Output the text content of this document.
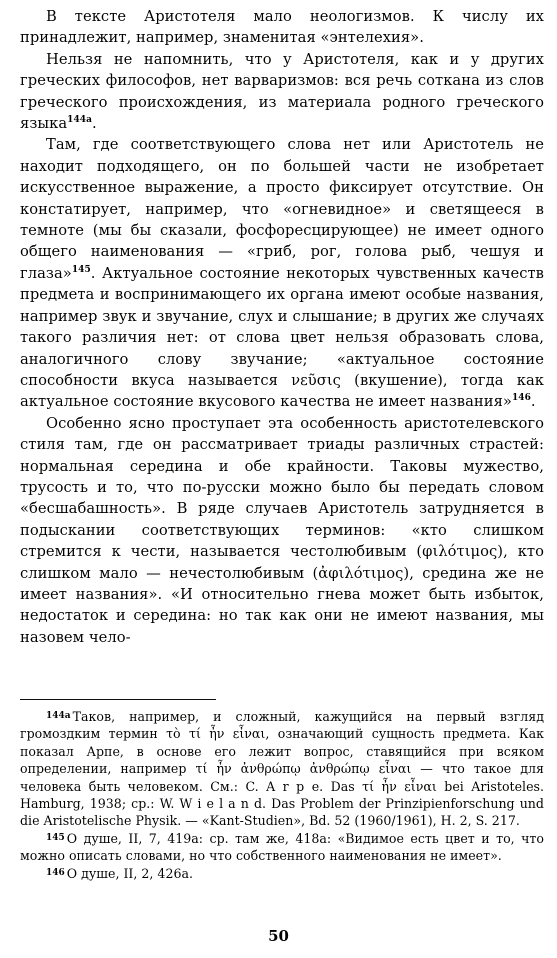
В тексте Аристотеля мало неологизмов. К числу их принадлежит, например, знаменитая «энтелехия».

Нельзя не напомнить, что у Аристотеля, как и у других греческих философов, нет варваризмов: вся речь соткана из слов греческого происхождения, из материала родного греческого языка$^{144а}$.

Там, где соответствующего слова нет или Аристотель не находит подходящего, он по большей части не изобретает искусственное выражение, а просто фиксирует отсутствие. Он констатирует, например, что «огневидное» и светящееся в темноте (мы бы сказали, фосфоресцирующее) не имеет одного общего наименования — «гриб, рог, голова рыб, чешуя и глаза»$^{145}$. Актуальное состояние некоторых чувственных качеств предмета и воспринимающего их органа имеют особые названия, например звук и звучание, слух и слышание; в других же случаях такого различия нет: от слова цвет нельзя образовать слова, аналогичного слову звучание; «актуальное состояние способности вкуса называется νεῦσις (вкушение), тогда как актуальное состояние вкусового качества не имеет названия»$^{146}$.

Особенно ясно проступает эта особенность аристотелевского стиля там, где он рассматривает триады различных страстей: нормальная середина и обе крайности. Таковы мужество, трусость и то, что по-русски можно было бы передать словом «бесшабашность». В ряде случаев Аристотель затрудняется в подыскании соответствующих терминов: «кто слишком стремится к чести, называется честолюбивым (φιλότιμος), кто слишком мало — нечестолюбивым (ἀφιλότιμος), средина же не имеет названия». «И относительно гнева может быть избыток, недостаток и середина: но так как они не имеют названия, мы назовем чело-

$^{144а}$ Таков, например, и сложный, кажущийся на первый взгляд громоздким термин τὸ τί ἦν εἶναι, означающий сущность предмета. Как показал Арпе, в основе его лежит вопрос, ставящийся при всяком определении, например τί ἦν ἀνθρώπῳ ἀνθρώπῳ εἶναι — что такое для человека быть человеком. См.: C. A r p e. Das τί ἦν εἶναι bei Aristoteles. Hamburg, 1938; ср.: W. W i e l a n d. Das Problem der Prinzipienforschung und die Aristotelische Physik. — «Kant-Studien», Bd. 52 (1960/1961), H. 2, S. 217.

$^{145}$ О душе, II, 7, 419а: ср. там же, 418а: «Видимое есть цвет и то, что можно описать словами, но что собственного наименования не имеет».

$^{146}$ О душе, II, 2, 426а.

50
